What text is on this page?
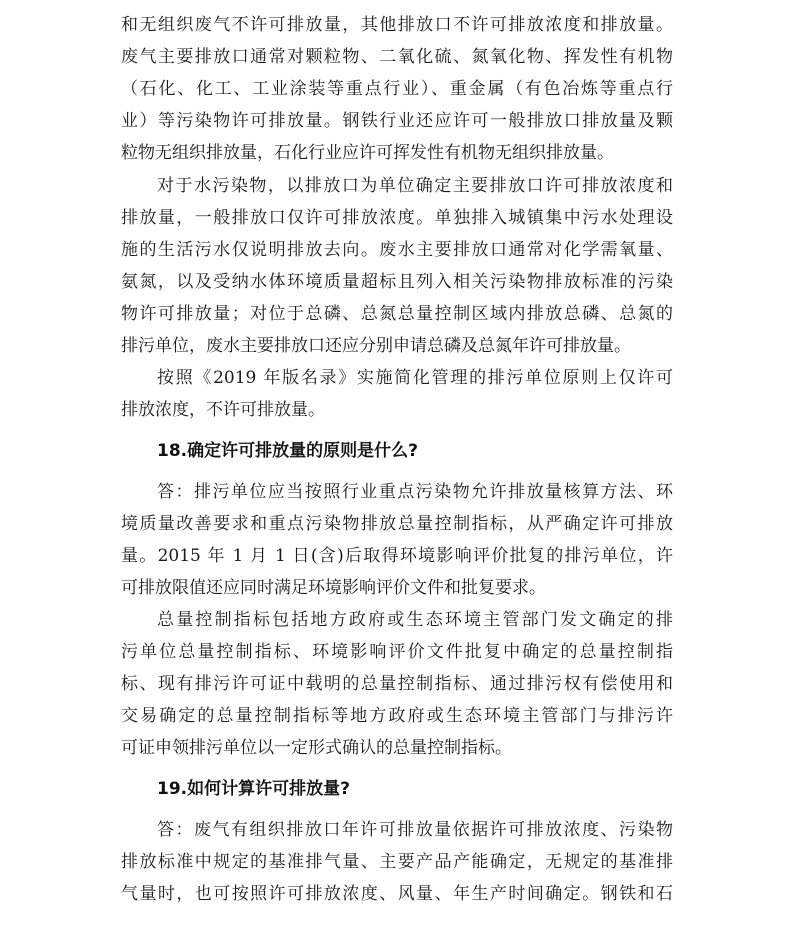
和无组织废气不许可排放量，其他排放口不许可排放浓度和排放量。
废气主要排放口通常对颗粒物、二氧化硫、氮氧化物、挥发性有机物
（石化、化工、工业涂装等重点行业）、重金属（有色冶炼等重点行
业）等污染物许可排放量。钢铁行业还应许可一般排放口排放量及颗
粒物无组织排放量，石化行业应许可挥发性有机物无组织排放量。
对于水污染物，以排放口为单位确定主要排放口许可排放浓度和
排放量，一般排放口仅许可排放浓度。单独排入城镇集中污水处理设
施的生活污水仅说明排放去向。废水主要排放口通常对化学需氧量、
氨氮，以及受纳水体环境质量超标且列入相关污染物排放标准的污染
物许可排放量；对位于总磷、总氮总量控制区域内排放总磷、总氮的
排污单位，废水主要排放口还应分别申请总磷及总氮年许可排放量。
按照《2019 年版名录》实施简化管理的排污单位原则上仅许可
排放浓度，不许可排放量。
18.确定许可排放量的原则是什么?
答：排污单位应当按照行业重点污染物允许排放量核算方法、环
境质量改善要求和重点污染物排放总量控制指标，从严确定许可排放
量。2015 年 1 月 1 日(含)后取得环境影响评价批复的排污单位，许
可排放限值还应同时满足环境影响评价文件和批复要求。
总量控制指标包括地方政府或生态环境主管部门发文确定的排
污单位总量控制指标、环境影响评价文件批复中确定的总量控制指
标、现有排污许可证中载明的总量控制指标、通过排污权有偿使用和
交易确定的总量控制指标等地方政府或生态环境主管部门与排污许
可证申领排污单位以一定形式确认的总量控制指标。
19.如何计算许可排放量?
答：废气有组织排放口年许可排放量依据许可排放浓度、污染物
排放标准中规定的基准排气量、主要产品产能确定，无规定的基准排
气量时，也可按照许可排放浓度、风量、年生产时间确定。钢铁和石
